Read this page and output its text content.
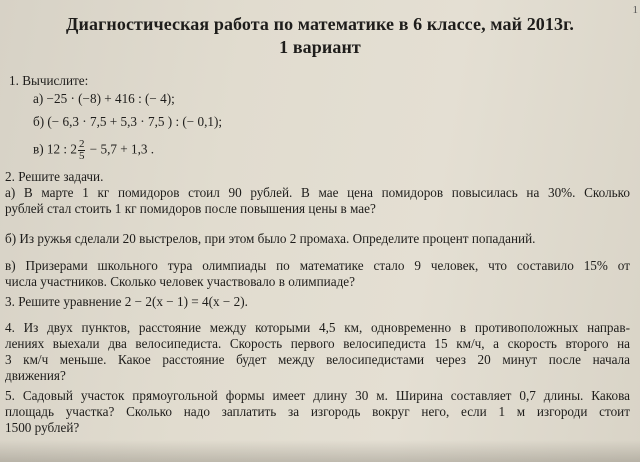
1
Диагностическая работа по математике в 6 классе, май 2013г.
1 вариант
1. Вычислите:
а) −25 · (−8) + 416 : (− 4);
б) (− 6,3 · 7,5 + 5,3 · 7,5 ) : (− 0,1);
в) 12 : $2 \frac{2}{5} - 5,7 + 1,3$ .
2. Решите задачи.
а) В марте 1 кг помидоров стоил 90 рублей. В мае цена помидоров повысилась на 30%. Сколько
рублей стал стоить 1 кг помидоров после повышения цены в мае?
б) Из ружья сделали 20 выстрелов, при этом было 2 промаха. Определите процент попаданий.
в) Призерами школьного тура олимпиады по математике стало 9 человек, что составило 15% от
числа участников. Сколько человек участвовало в олимпиаде?
3. Решите уравнение 2 − 2(x − 1) = 4(x − 2).
4. Из двух пунктов, расстояние между которыми 4,5 км, одновременно в противоположных направ-
лениях выехали два велосипедиста. Скорость первого велосипедиста 15 км/ч, а скорость второго на
3 км/ч меньше. Какое расстояние будет между велосипедистами через 20 минут после начала
движения?
5. Садовый участок прямоугольной формы имеет длину 30 м. Ширина составляет 0,7 длины. Какова
площадь участка? Сколько надо заплатить за изгородь вокруг него, если 1 м изгороди стоит
1500 рублей?
